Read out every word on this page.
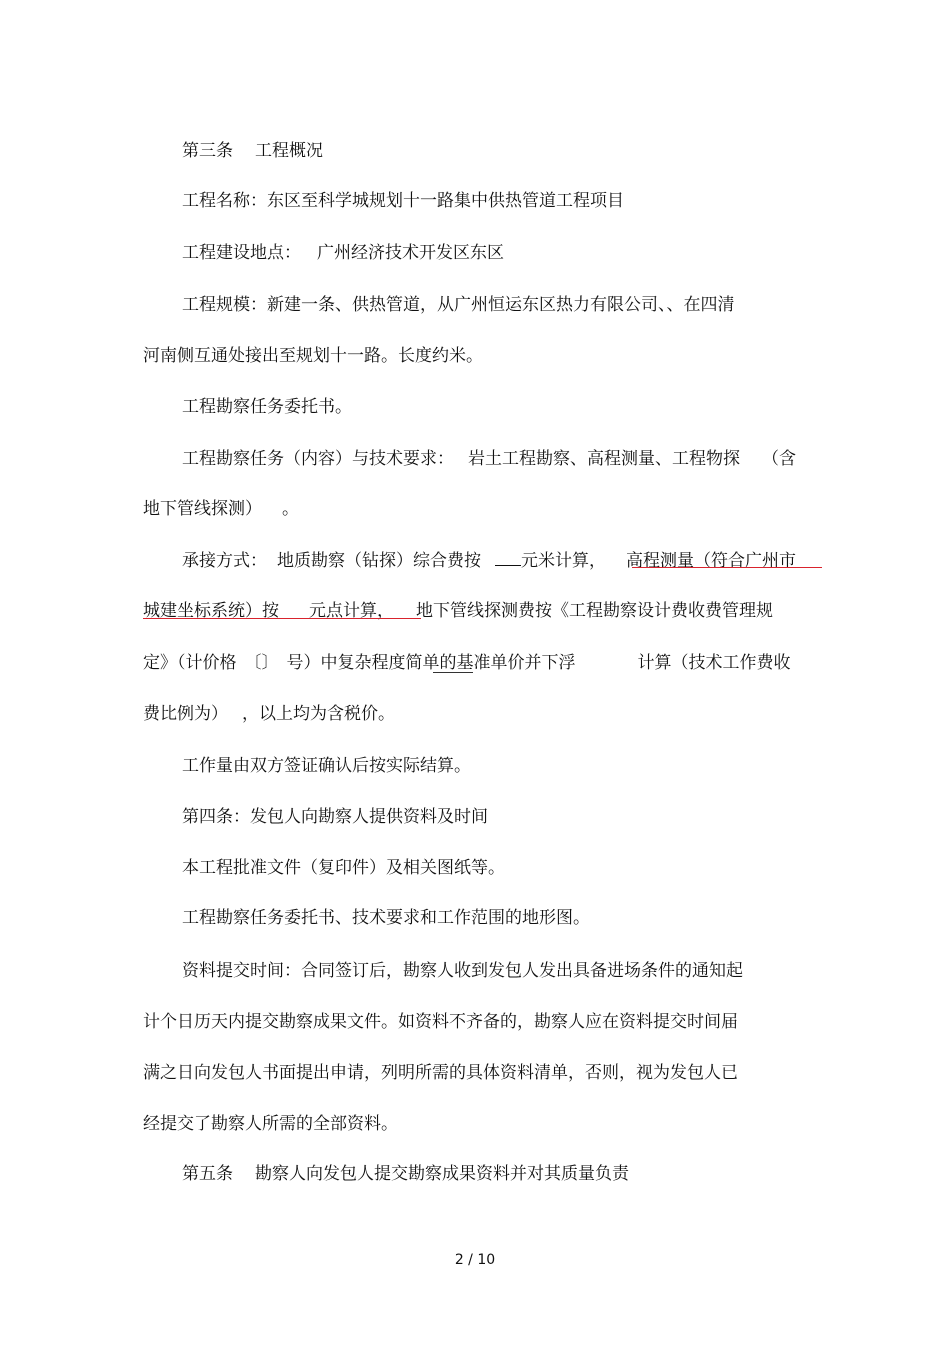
第三条 工程概况
工程名称：东区至科学城规划十一路集中供热管道工程项目
工程建设地点： 广州经济技术开发区东区
工程规模：新建一条、供热管道，从广州恒运东区热力有限公司、、在四清
河南侧互通处接出至规划十一路。长度约米。
工程勘察任务委托书。
工程勘察任务（内容）与技术要求： 岩土工程勘察、高程测量、工程物探 （含
地下管线探测） 。
承接方式： 地质勘察（钻探）综合费按 元米计算， 高程测量（符合广州市
城建坐标系统）按 元点计算， 地下管线探测费按《工程勘察设计费收费管理规
定》（计价格 〔〕 号）中复杂程度简单的基准单价并下浮	计算（技术工作费收
费比例为） ，以上均为含税价。
工作量由双方签证确认后按实际结算。
第四条：发包人向勘察人提供资料及时间
本工程批准文件（复印件）及相关图纸等。
工程勘察任务委托书、技术要求和工作范围的地形图。
资料提交时间：合同签订后，勘察人收到发包人发出具备进场条件的通知起
计个日历天内提交勘察成果文件。如资料不齐备的，勘察人应在资料提交时间届
满之日向发包人书面提出申请，列明所需的具体资料清单，否则，视为发包人已
经提交了勘察人所需的全部资料。
第五条 勘察人向发包人提交勘察成果资料并对其质量负责
2 / 10
